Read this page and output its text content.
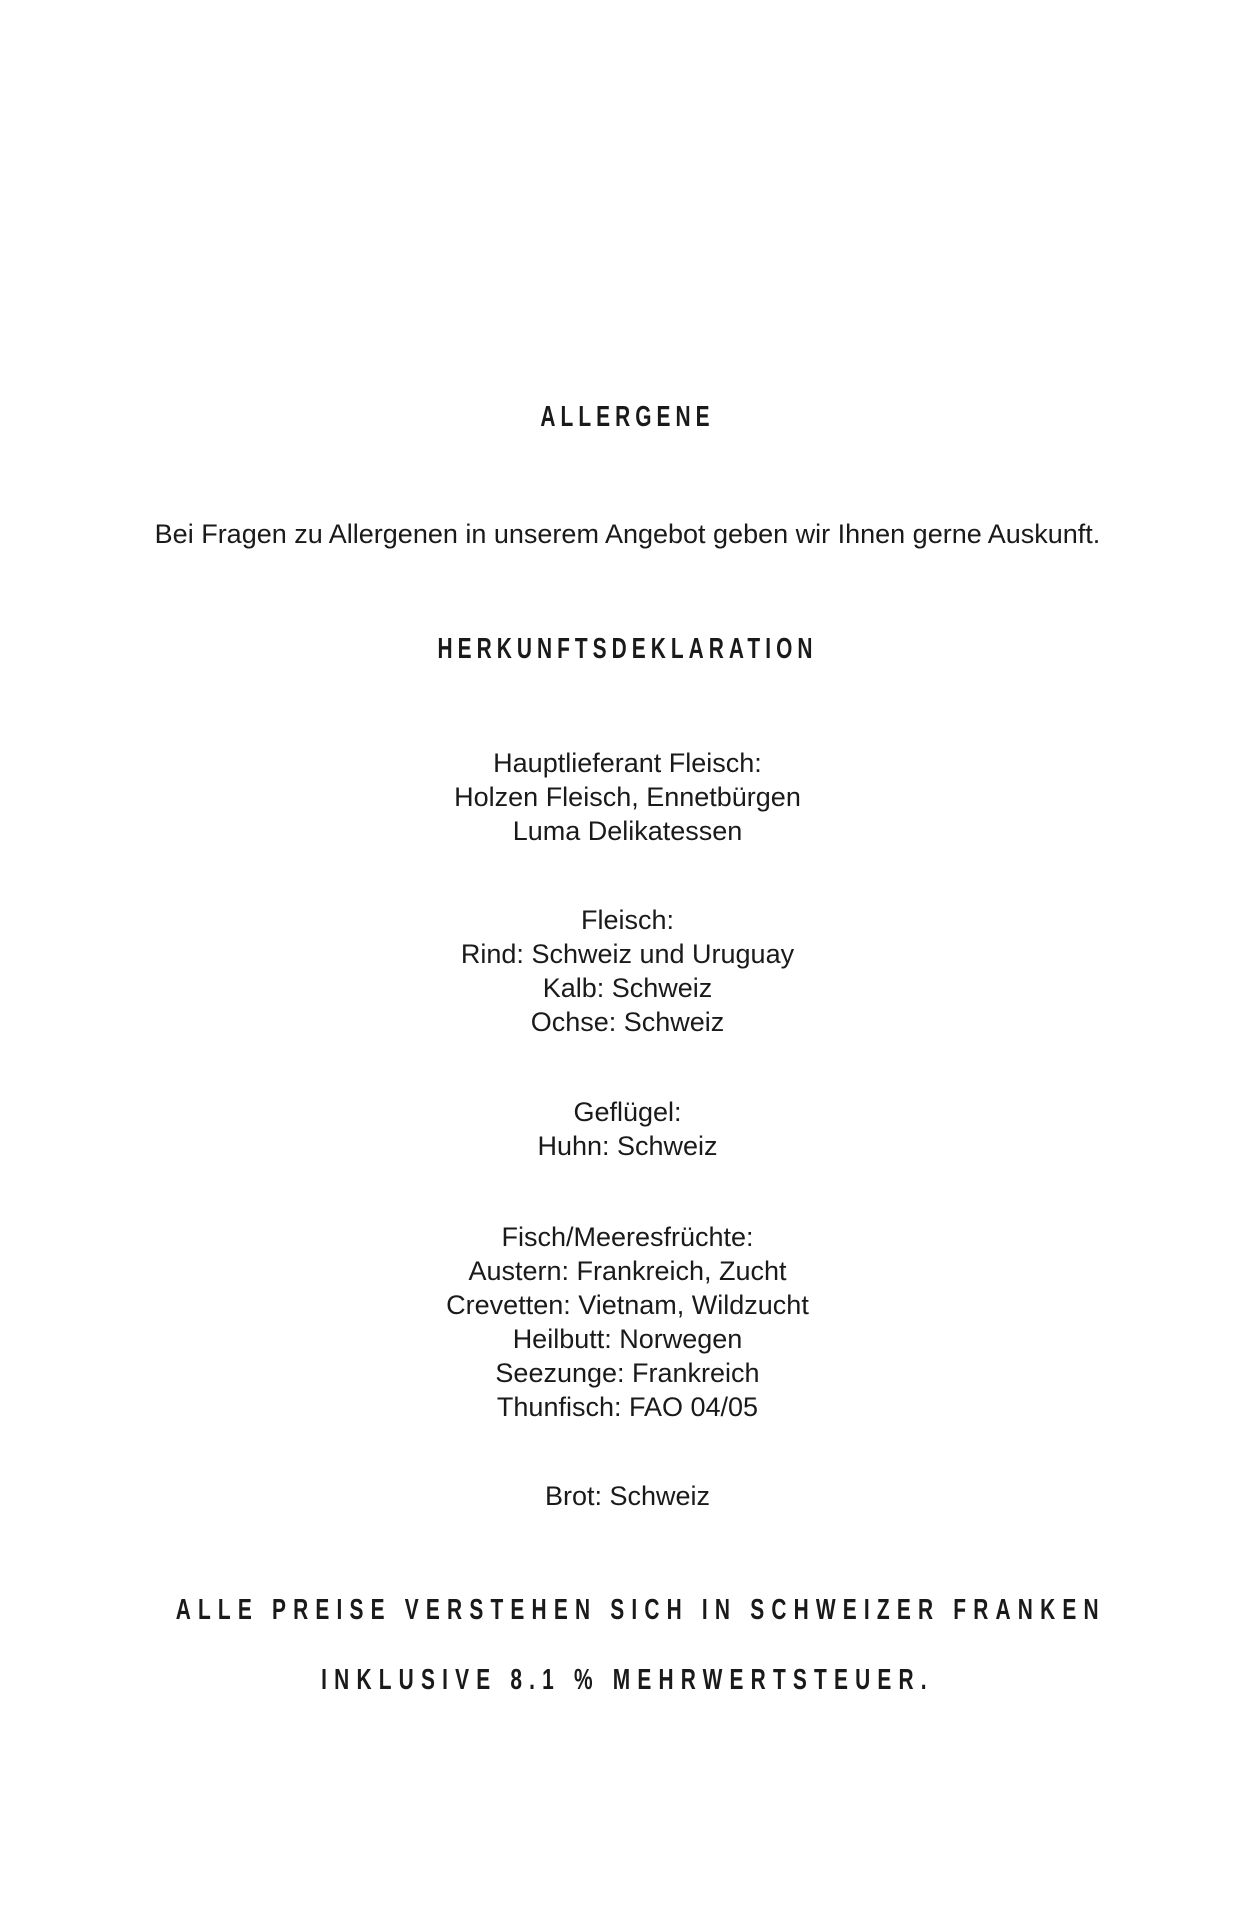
ALLERGENE

Bei Fragen zu Allergenen in unserem Angebot geben wir Ihnen gerne Auskunft.

HERKUNFTSDEKLARATION
Hauptlieferant Fleisch:
Holzen Fleisch, Ennetbürgen
Luma Delikatessen
Fleisch:
Rind: Schweiz und Uruguay
Kalb: Schweiz
Ochse: Schweiz
Geflügel:
Huhn: Schweiz
Fisch/Meeresfrüchte:
Austern: Frankreich, Zucht
Crevetten: Vietnam, Wildzucht
Heilbutt: Norwegen
Seezunge: Frankreich
Thunfisch: FAO 04/05

Brot: Schweiz

ALLE PREISE VERSTEHEN SICH IN SCHWEIZER FRANKEN

INKLUSIVE 8.1 % MEHRWERTSTEUER.
